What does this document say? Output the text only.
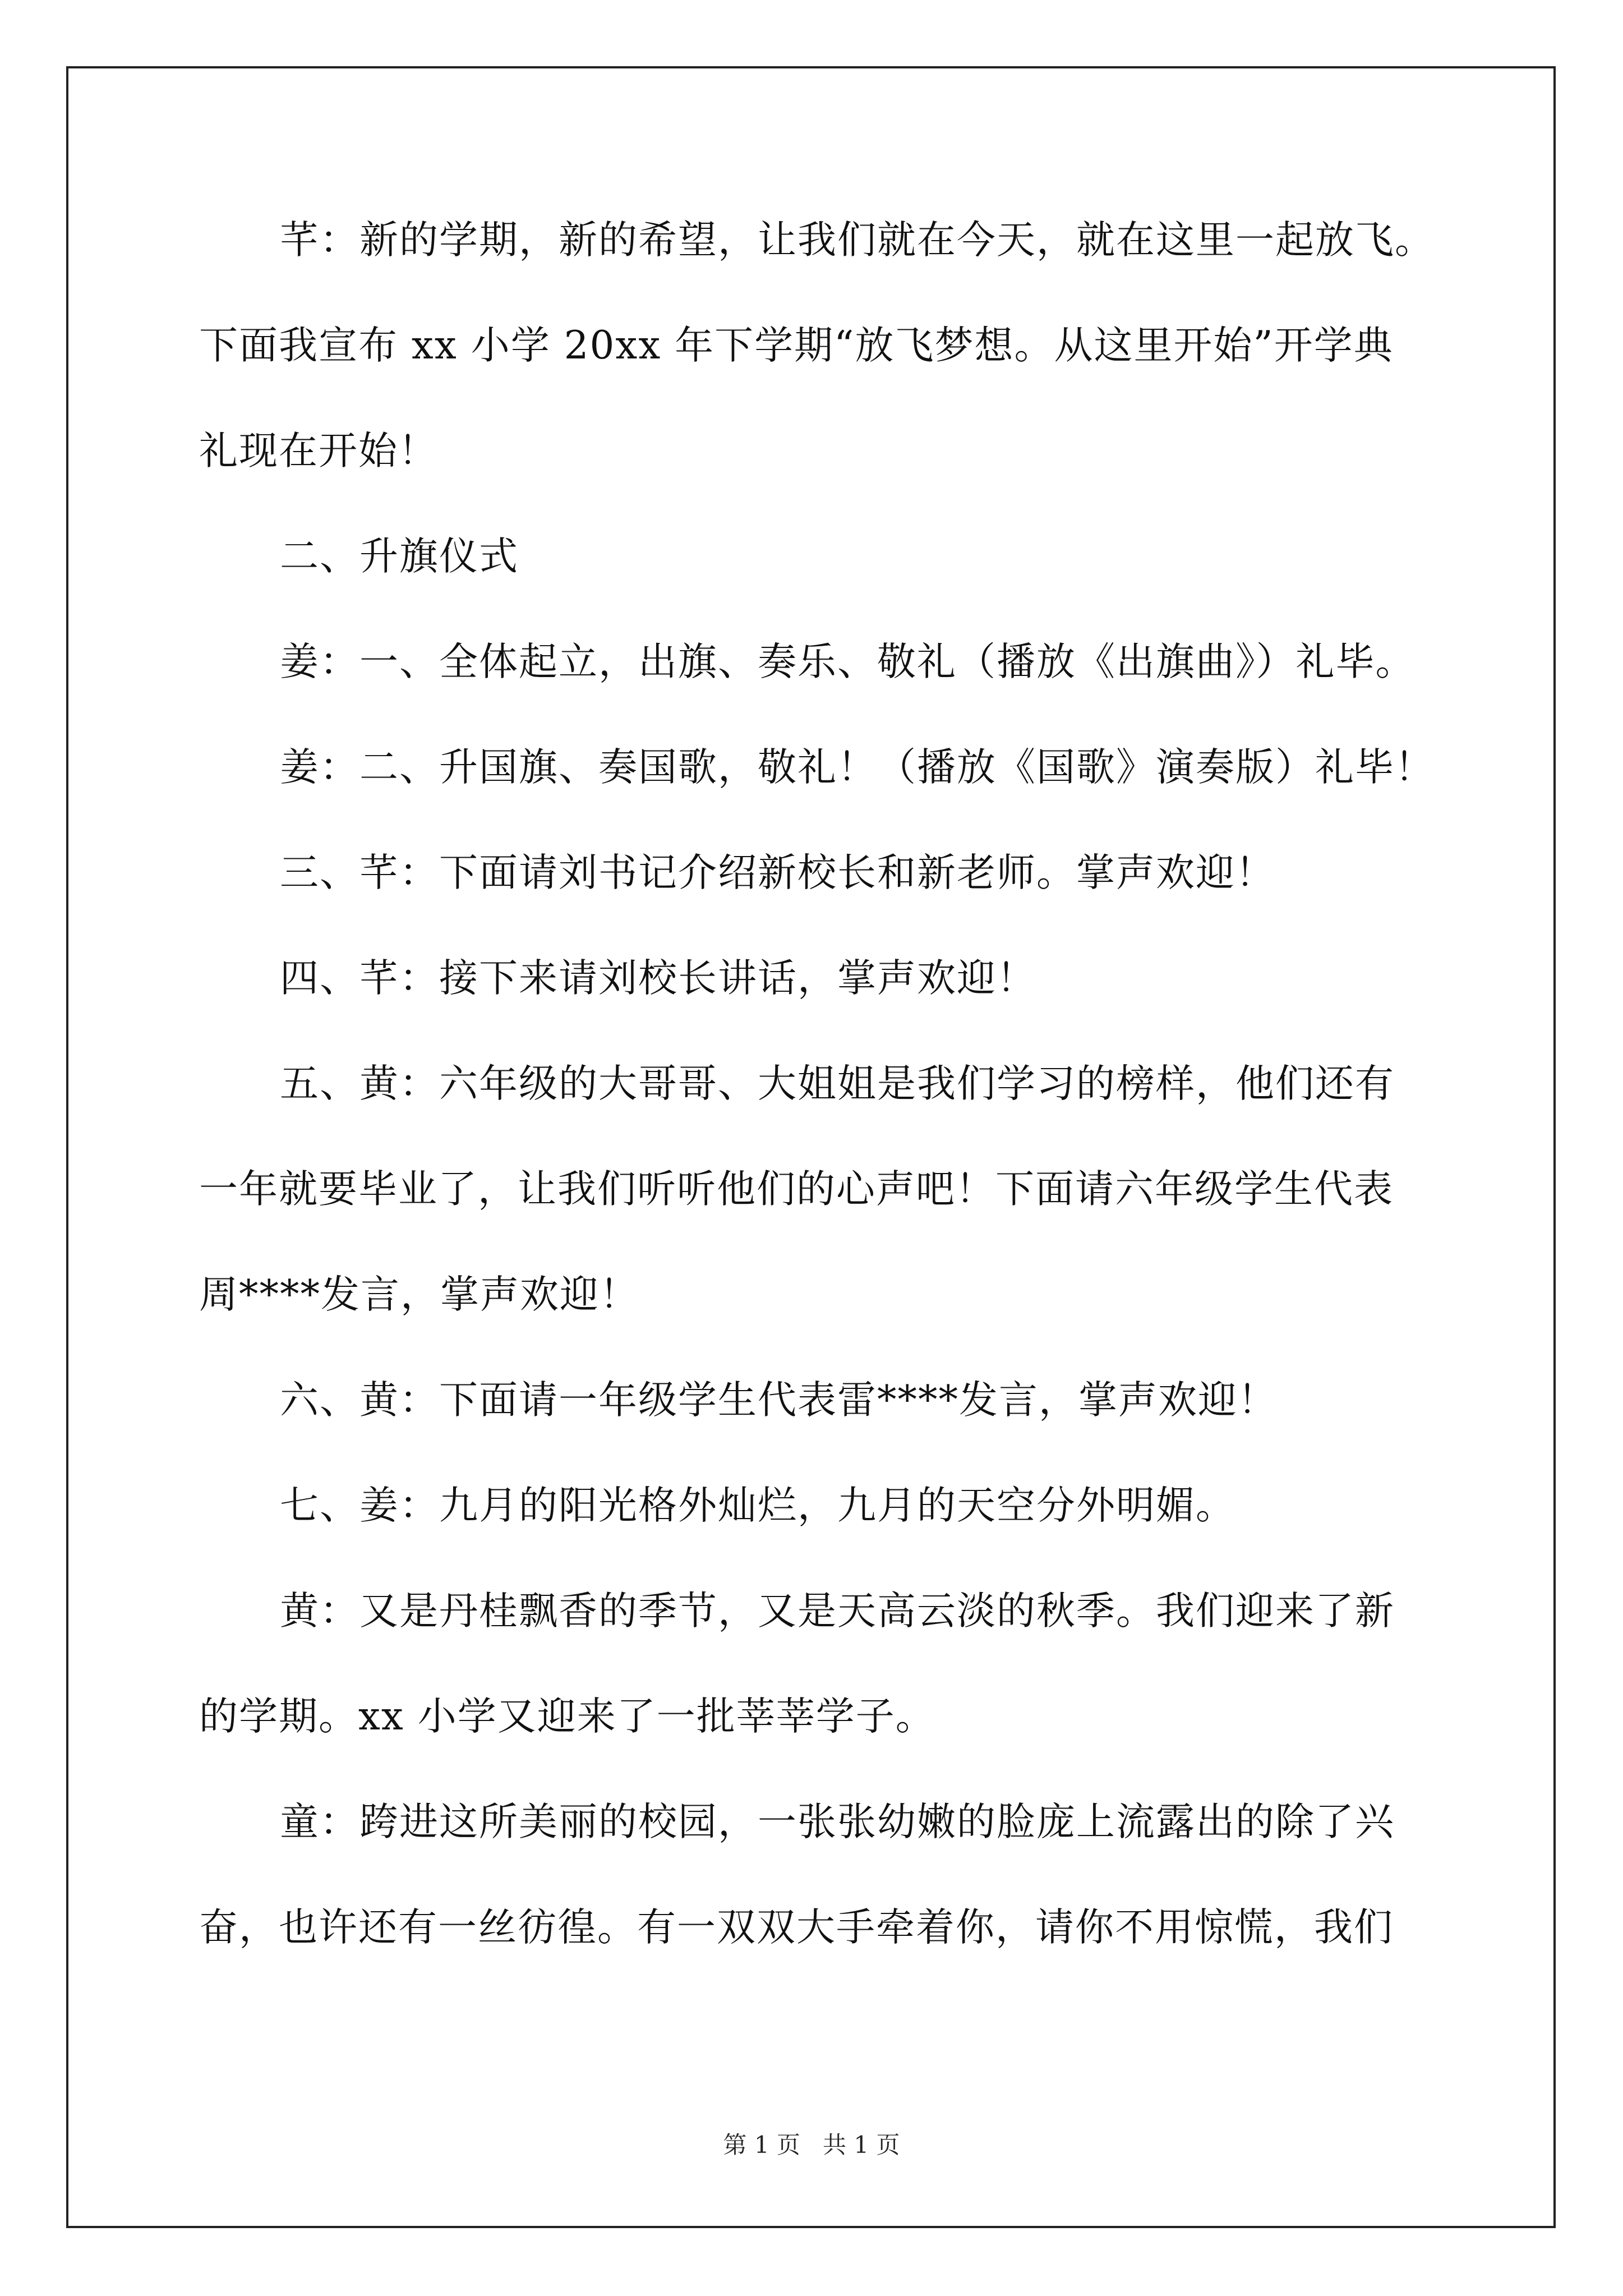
芊：新的学期，新的希望，让我们就在今天，就在这里一起放飞。

下面我宣布 xx 小学 20xx 年下学期“放飞梦想。从这里开始”开学典

礼现在开始！

二、升旗仪式

姜：一、全体起立，出旗、奏乐、敬礼（播放《出旗曲》）礼毕。

姜：二、升国旗、奏国歌，敬礼！（播放《国歌》演奏版）礼毕！

三、芊：下面请刘书记介绍新校长和新老师。掌声欢迎！

四、芊：接下来请刘校长讲话，掌声欢迎！

五、黄：六年级的大哥哥、大姐姐是我们学习的榜样，他们还有

一年就要毕业了，让我们听听他们的心声吧！下面请六年级学生代表

周****发言，掌声欢迎！

六、黄：下面请一年级学生代表雷****发言，掌声欢迎！

七、姜：九月的阳光格外灿烂，九月的天空分外明媚。

黄：又是丹桂飘香的季节，又是天高云淡的秋季。我们迎来了新

的学期。xx 小学又迎来了一批莘莘学子。

童：跨进这所美丽的校园，一张张幼嫩的脸庞上流露出的除了兴

奋，也许还有一丝彷徨。有一双双大手牵着你，请你不用惊慌，我们

第 1 页   共 1 页
